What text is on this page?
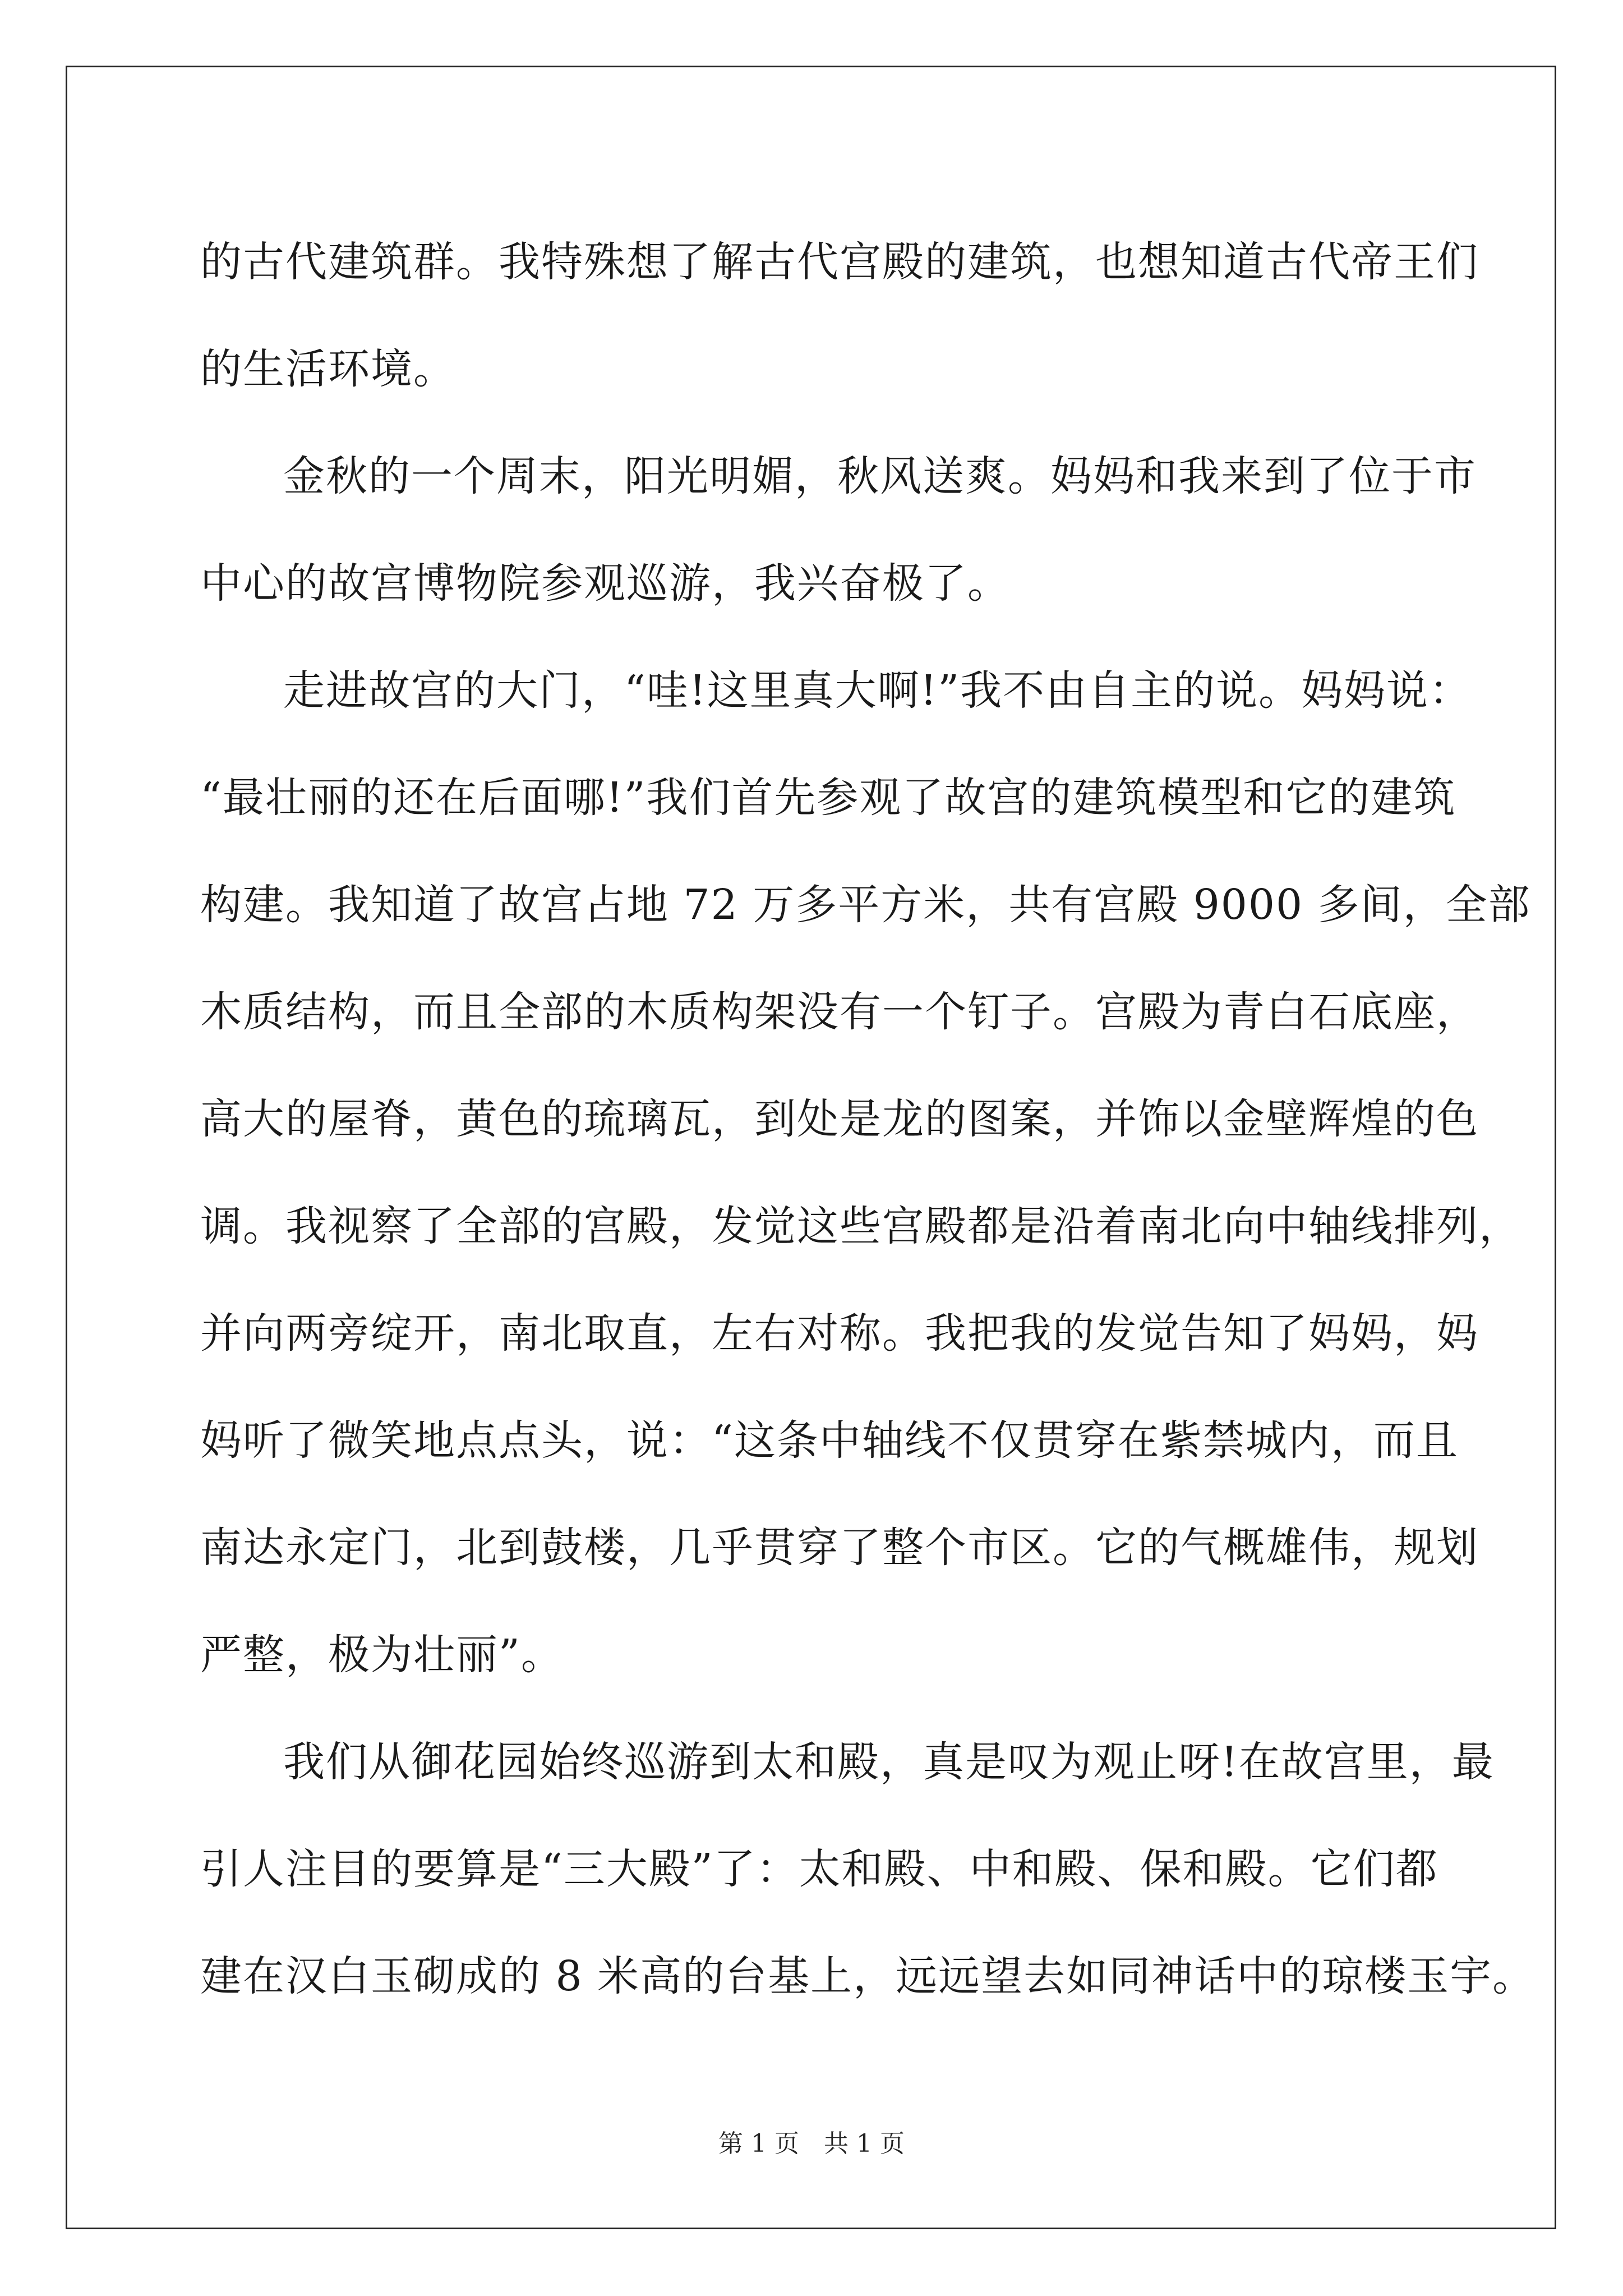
的古代建筑群。我特殊想了解古代宫殿的建筑，也想知道古代帝王们
的生活环境。
金秋的一个周末，阳光明媚，秋风送爽。妈妈和我来到了位于市
中心的故宫博物院参观巡游，我兴奋极了。
走进故宫的大门，“哇!这里真大啊!”我不由自主的说。妈妈说：
“最壮丽的还在后面哪!”我们首先参观了故宫的建筑模型和它的建筑
构建。我知道了故宫占地 72 万多平方米，共有宫殿 9000 多间，全部
木质结构，而且全部的木质构架没有一个钉子。宫殿为青白石底座，
高大的屋脊，黄色的琉璃瓦，到处是龙的图案，并饰以金壁辉煌的色
调。我视察了全部的宫殿，发觉这些宫殿都是沿着南北向中轴线排列，
并向两旁绽开，南北取直，左右对称。我把我的发觉告知了妈妈，妈
妈听了微笑地点点头，说：“这条中轴线不仅贯穿在紫禁城内，而且
南达永定门，北到鼓楼，几乎贯穿了整个市区。它的气概雄伟，规划
严整，极为壮丽”。
我们从御花园始终巡游到太和殿，真是叹为观止呀!在故宫里，最
引人注目的要算是“三大殿”了：太和殿、中和殿、保和殿。它们都
建在汉白玉砌成的 8 米高的台基上，远远望去如同神话中的琼楼玉宇。
第 1 页 共 1 页
